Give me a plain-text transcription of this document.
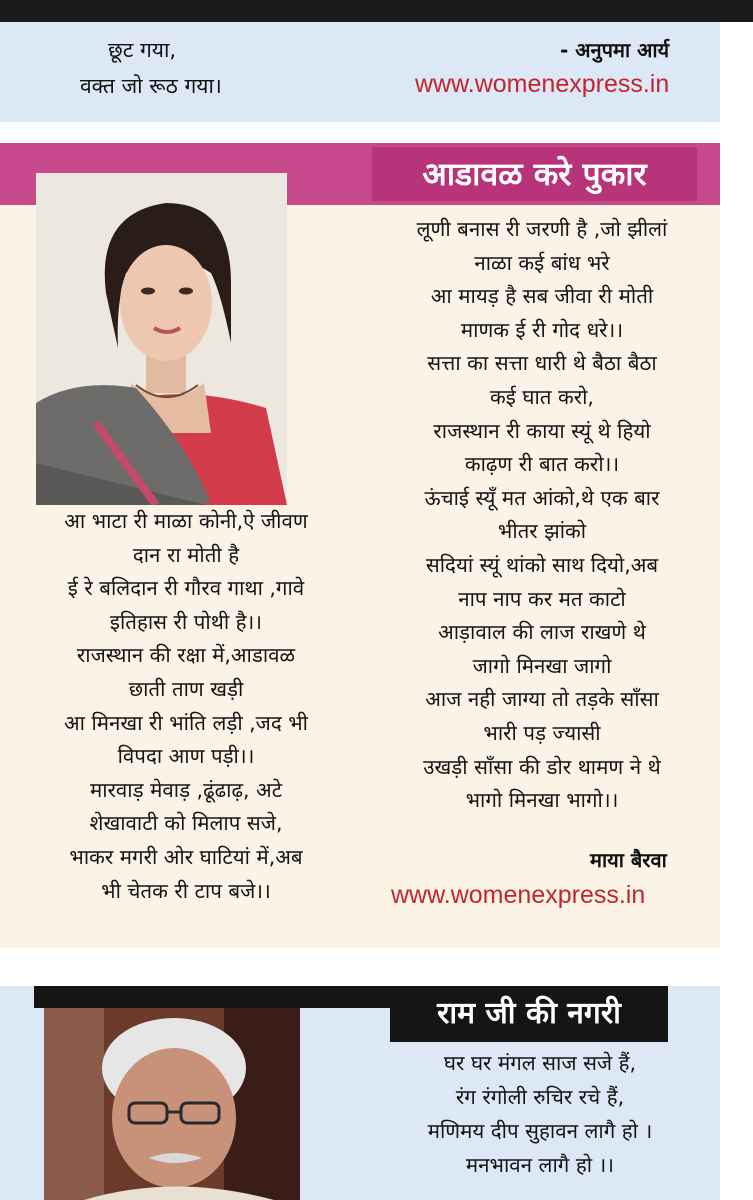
छूट गया,
वक्त जो रूठ गया।
- अनुपमा आर्य
www.womenexpress.in
आडावळ करे पुकार
आ भाटा री माळा कोनी,ऐ जीवण
दान रा मोती है
ई रे बलिदान री गौरव गाथा ,गावे
इतिहास री पोथी है।।
राजस्थान की रक्षा में,आडावळ
छाती ताण खड़ी
आ मिनखा री भांति लड़ी ,जद भी
विपदा आण पड़ी।।
मारवाड़ मेवाड़ ,ढूंढाढ़, अटे
शेखावाटी को मिलाप सजे,
भाकर मगरी ओर घाटियां में,अब
भी चेतक री टाप बजे।।
लूणी बनास री जरणी है ,जो झीलां
नाळा कई बांध भरे
आ मायड़ है सब जीवा री मोती
माणक ई री गोद धरे।।
सत्ता का सत्ता धारी थे बैठा बैठा
कई घात करो,
राजस्थान री काया स्यूं थे हियो
काढ़ण री बात करो।।
ऊंचाई स्यूँ मत आंको,थे एक बार
भीतर झांको
सदियां स्यूं थांको साथ दियो,अब
नाप नाप कर मत काटो
आड़ावाल की लाज राखणे थे
जागो मिनखा जागो
आज नही जाग्या तो तड़के साँसा
भारी पड़ ज्यासी
उखड़ी साँसा की डोर थामण ने थे
भागो मिनखा भागो।।
माया बैरवा
www.womenexpress.in
राम जी की नगरी
घर घर मंगल साज सजे हैं,
रंग रंगोली रुचिर रचे हैं,
मणिमय दीप सुहावन लागै हो ।
मनभावन लागै हो ।।
